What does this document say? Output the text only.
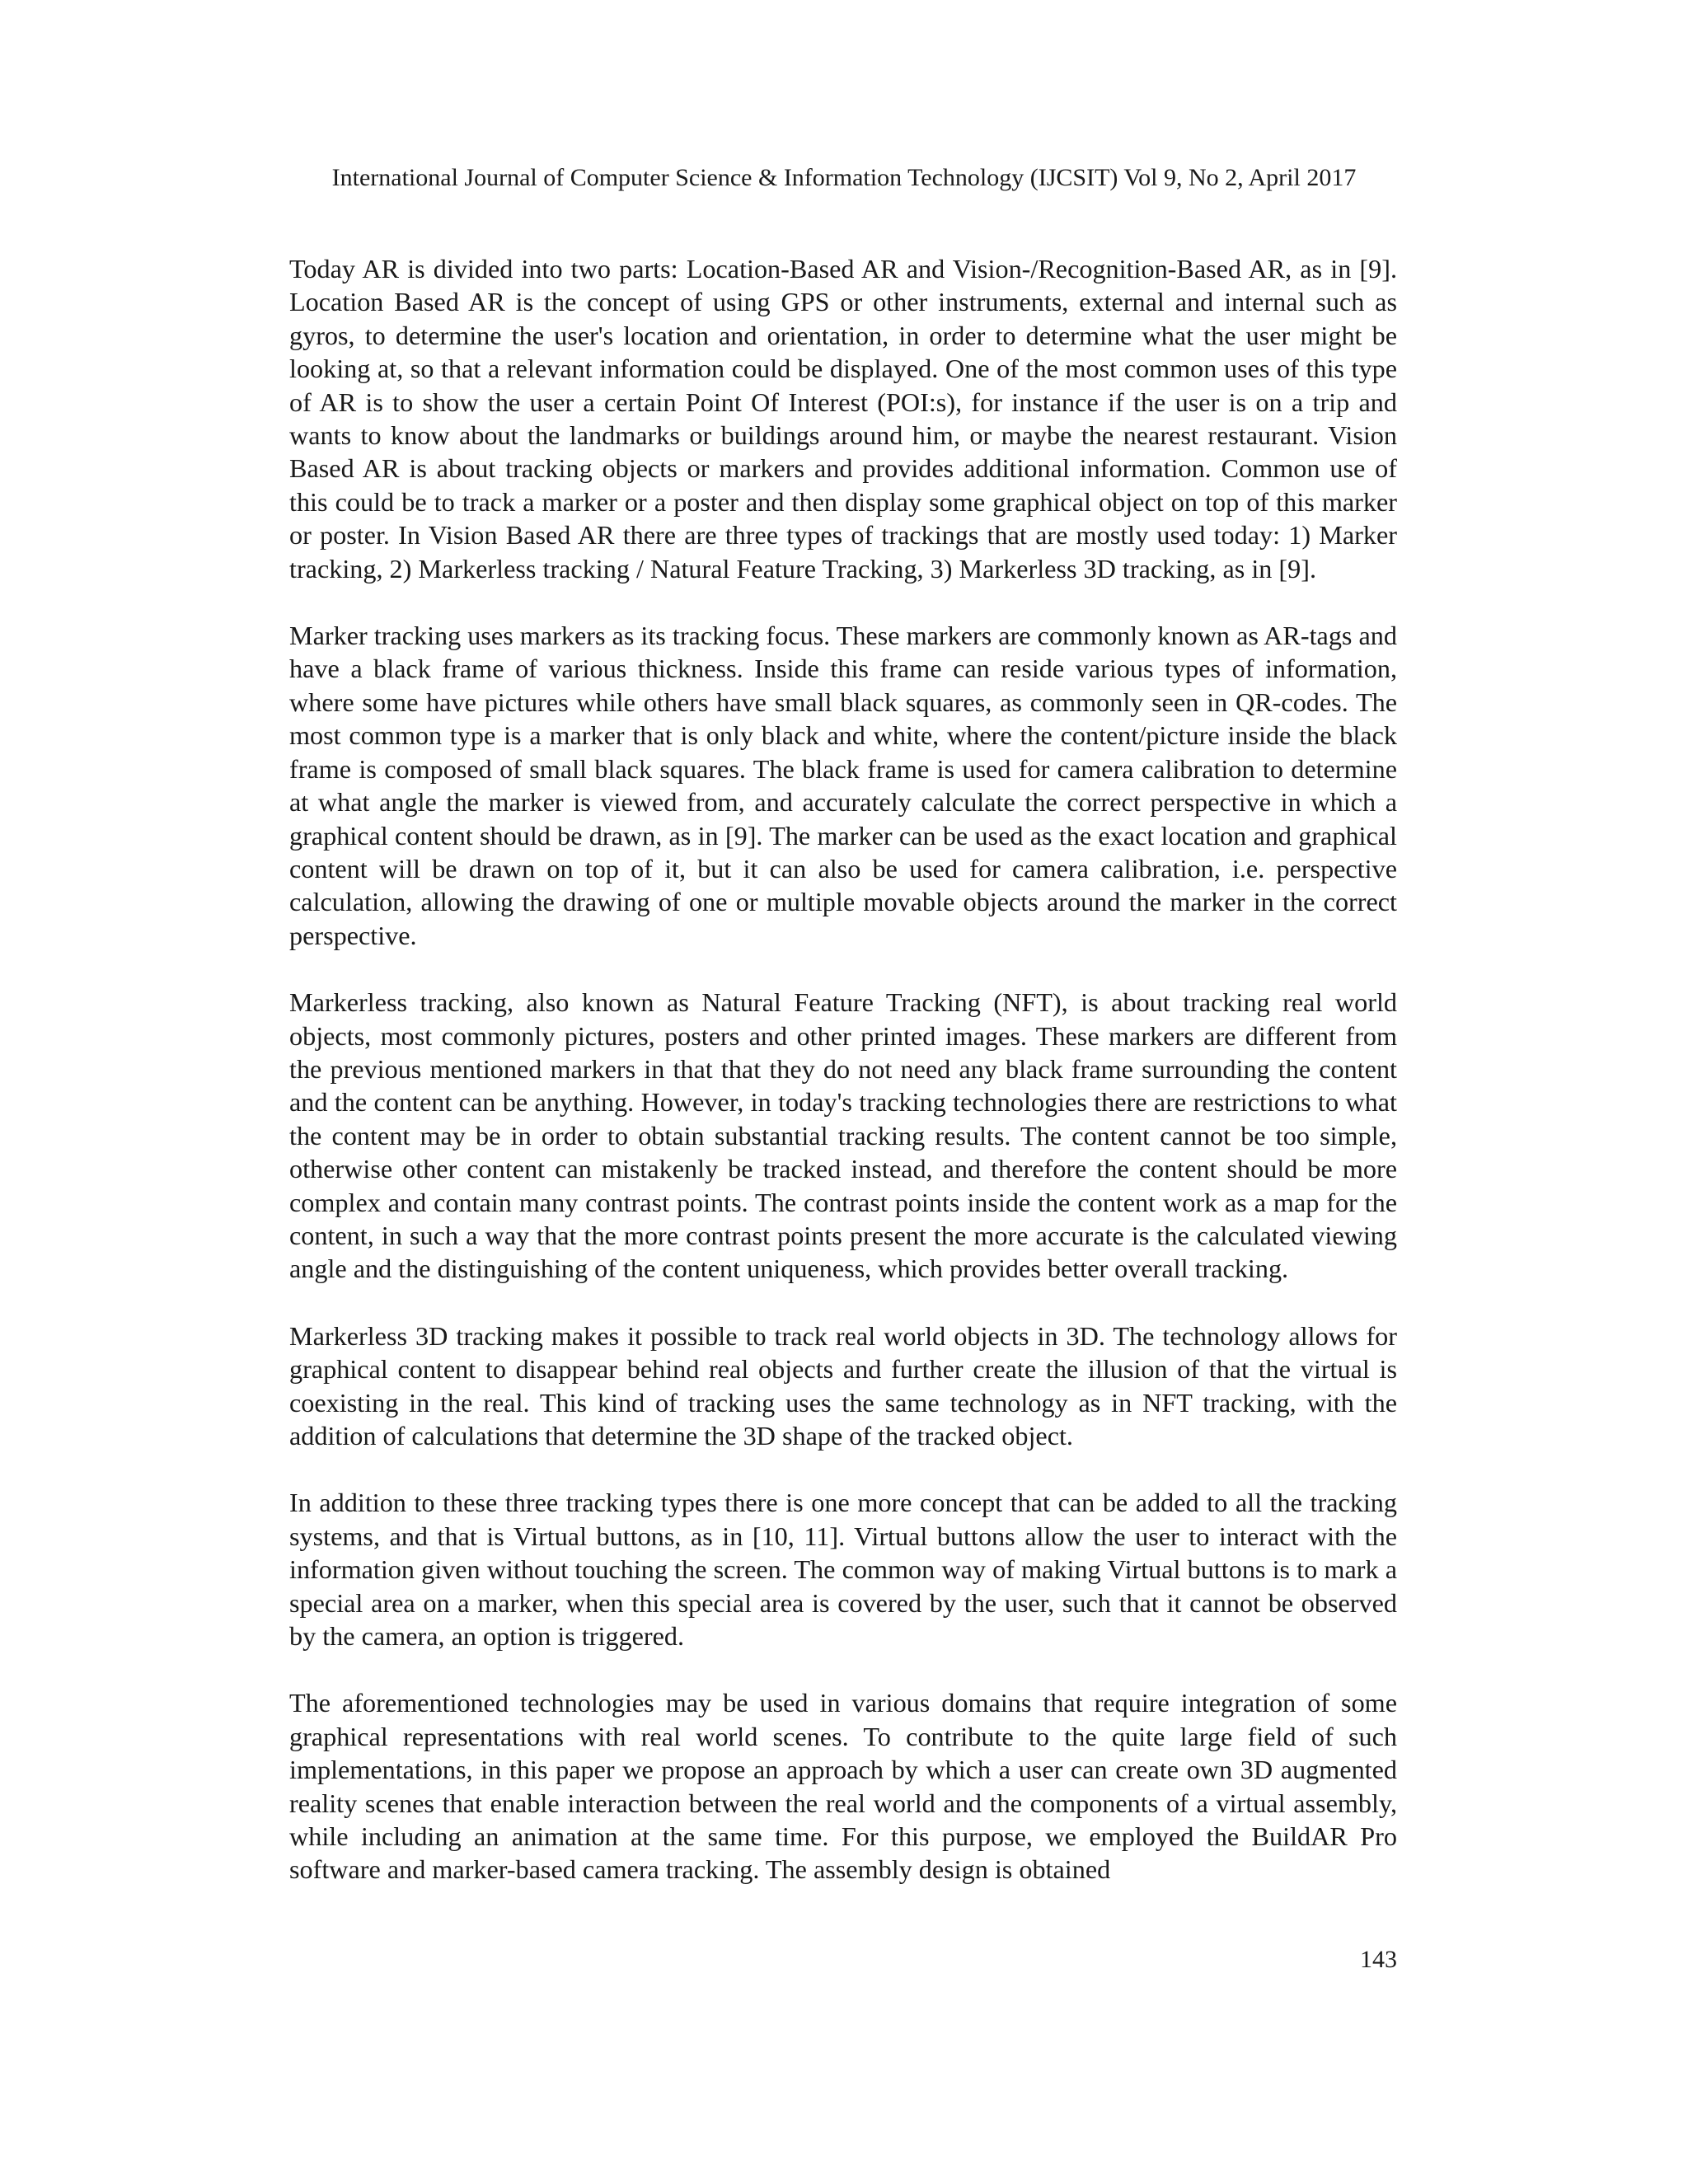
International Journal of Computer Science & Information Technology (IJCSIT) Vol 9, No 2, April 2017

Today AR is divided into two parts: Location-Based AR and Vision-/Recognition-Based AR, as in [9]. Location Based AR is the concept of using GPS or other instruments, external and internal such as gyros, to determine the user's location and orientation, in order to determine what the user might be looking at, so that a relevant information could be displayed. One of the most common uses of this type of AR is to show the user a certain Point Of Interest (POI:s), for instance if the user is on a trip and wants to know about the landmarks or buildings around him, or maybe the nearest restaurant. Vision Based AR is about tracking objects or markers and provides additional information. Common use of this could be to track a marker or a poster and then display some graphical object on top of this marker or poster. In Vision Based AR there are three types of trackings that are mostly used today: 1) Marker tracking, 2) Markerless tracking / Natural Feature Tracking, 3) Markerless 3D tracking, as in [9].

Marker tracking uses markers as its tracking focus. These markers are commonly known as AR-tags and have a black frame of various thickness. Inside this frame can reside various types of information, where some have pictures while others have small black squares, as commonly seen in QR-codes. The most common type is a marker that is only black and white, where the content/picture inside the black frame is composed of small black squares. The black frame is used for camera calibration to determine at what angle the marker is viewed from, and accurately calculate the correct perspective in which a graphical content should be drawn, as in [9]. The marker can be used as the exact location and graphical content will be drawn on top of it, but it can also be used for camera calibration, i.e. perspective calculation, allowing the drawing of one or multiple movable objects around the marker in the correct perspective.

Markerless tracking, also known as Natural Feature Tracking (NFT), is about tracking real world objects, most commonly pictures, posters and other printed images. These markers are different from the previous mentioned markers in that that they do not need any black frame surrounding the content and the content can be anything. However, in today's tracking technologies there are restrictions to what the content may be in order to obtain substantial tracking results. The content cannot be too simple, otherwise other content can mistakenly be tracked instead, and therefore the content should be more complex and contain many contrast points. The contrast points inside the content work as a map for the content, in such a way that the more contrast points present the more accurate is the calculated viewing angle and the distinguishing of the content uniqueness, which provides better overall tracking.

Markerless 3D tracking makes it possible to track real world objects in 3D. The technology allows for graphical content to disappear behind real objects and further create the illusion of that the virtual is coexisting in the real. This kind of tracking uses the same technology as in NFT tracking, with the addition of calculations that determine the 3D shape of the tracked object.

In addition to these three tracking types there is one more concept that can be added to all the tracking systems, and that is Virtual buttons, as in [10, 11]. Virtual buttons allow the user to interact with the information given without touching the screen. The common way of making Virtual buttons is to mark a special area on a marker, when this special area is covered by the user, such that it cannot be observed by the camera, an option is triggered.

The aforementioned technologies may be used in various domains that require integration of some graphical representations with real world scenes. To contribute to the quite large field of such implementations, in this paper we propose an approach by which a user can create own 3D augmented reality scenes that enable interaction between the real world and the components of a virtual assembly, while including an animation at the same time. For this purpose, we employed the BuildAR Pro software and marker-based camera tracking. The assembly design is obtained

143
